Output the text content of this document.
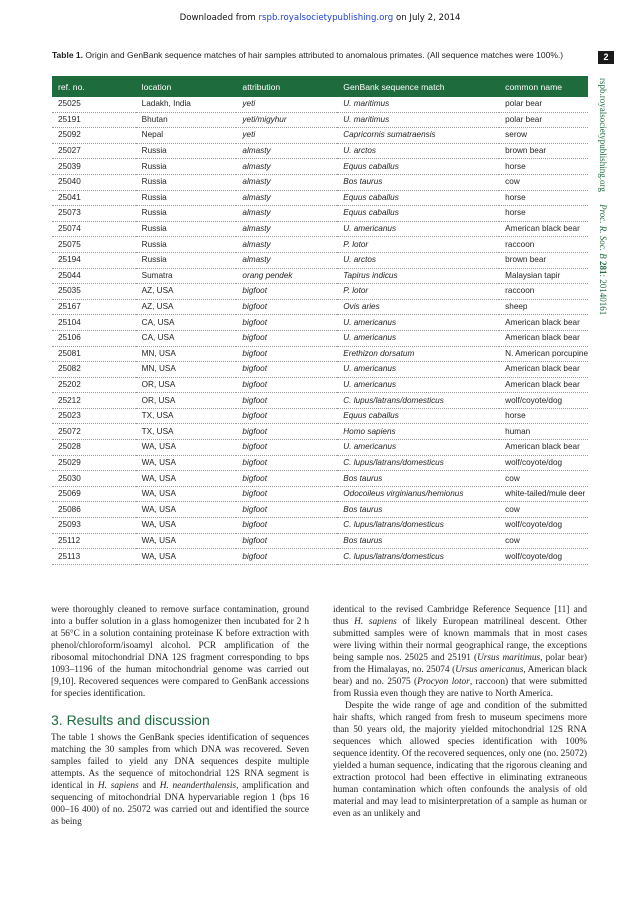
Downloaded from rspb.royalsocietypublishing.org on July 2, 2014
2
rspb.royalsocietypublishing.org Proc. R. Soc. B 281: 20140161
Table 1. Origin and GenBank sequence matches of hair samples attributed to anomalous primates. (All sequence matches were 100%.)
ref. no.	location	attribution	GenBank sequence match	common name
25025	Ladakh, India	yeti	U. maritimus	polar bear
25191	Bhutan	yeti/migyhur	U. maritimus	polar bear
25092	Nepal	yeti	Capricornis sumatraensis	serow
25027	Russia	almasty	U. arctos	brown bear
25039	Russia	almasty	Equus caballus	horse
25040	Russia	almasty	Bos taurus	cow
25041	Russia	almasty	Equus caballus	horse
25073	Russia	almasty	Equus caballus	horse
25074	Russia	almasty	U. americanus	American black bear
25075	Russia	almasty	P. lotor	raccoon
25194	Russia	almasty	U. arctos	brown bear
25044	Sumatra	orang pendek	Tapirus indicus	Malaysian tapir
25035	AZ, USA	bigfoot	P. lotor	raccoon
25167	AZ, USA	bigfoot	Ovis aries	sheep
25104	CA, USA	bigfoot	U. americanus	American black bear
25106	CA, USA	bigfoot	U. americanus	American black bear
25081	MN, USA	bigfoot	Erethizon dorsatum	N. American porcupine
25082	MN, USA	bigfoot	U. americanus	American black bear
25202	OR, USA	bigfoot	U. americanus	American black bear
25212	OR, USA	bigfoot	C. lupus/latrans/domesticus	wolf/coyote/dog
25023	TX, USA	bigfoot	Equus caballus	horse
25072	TX, USA	bigfoot	Homo sapiens	human
25028	WA, USA	bigfoot	U. americanus	American black bear
25029	WA, USA	bigfoot	C. lupus/latrans/domesticus	wolf/coyote/dog
25030	WA, USA	bigfoot	Bos taurus	cow
25069	WA, USA	bigfoot	Odocoileus virginianus/hemionus	white-tailed/mule deer
25086	WA, USA	bigfoot	Bos taurus	cow
25093	WA, USA	bigfoot	C. lupus/latrans/domesticus	wolf/coyote/dog
25112	WA, USA	bigfoot	Bos taurus	cow
25113	WA, USA	bigfoot	C. lupus/latrans/domesticus	wolf/coyote/dog

were thoroughly cleaned to remove surface contamination, ground into a buffer solution in a glass homogenizer then incubated for 2 h at 56°C in a solution containing proteinase K before extraction with phenol/chloroform/isoamyl alcohol. PCR amplification of the ribosomal mitochondrial DNA 12S fragment corresponding to bps 1093–1196 of the human mitochondrial genome was carried out [9,10]. Recovered sequences were compared to GenBank accessions for species identification.

3. Results and discussion

The table 1 shows the GenBank species identification of sequences matching the 30 samples from which DNA was recovered. Seven samples failed to yield any DNA sequences despite multiple attempts. As the sequence of mitochondrial 12S RNA segment is identical in H. sapiens and H. neanderthalensis, amplification and sequencing of mitochondrial DNA hypervariable region 1 (bps 16 000–16 400) of no. 25072 was carried out and identified the source as being

identical to the revised Cambridge Reference Sequence [11] and thus H. sapiens of likely European matrilineal descent. Other submitted samples were of known mammals that in most cases were living within their normal geographical range, the exceptions being sample nos. 25025 and 25191 (Ursus maritimus, polar bear) from the Himalayas, no. 25074 (Ursus americanus, American black bear) and no. 25075 (Procyon lotor, raccoon) that were submitted from Russia even though they are native to North America.

Despite the wide range of age and condition of the submitted hair shafts, which ranged from fresh to museum specimens more than 50 years old, the majority yielded mitochondrial 12S RNA sequences which allowed species identification with 100% sequence identity. Of the recovered sequences, only one (no. 25072) yielded a human sequence, indicating that the rigorous cleaning and extraction protocol had been effective in eliminating extraneous human contamination which often confounds the analysis of old material and may lead to misinterpretation of a sample as human or even as an unlikely and
